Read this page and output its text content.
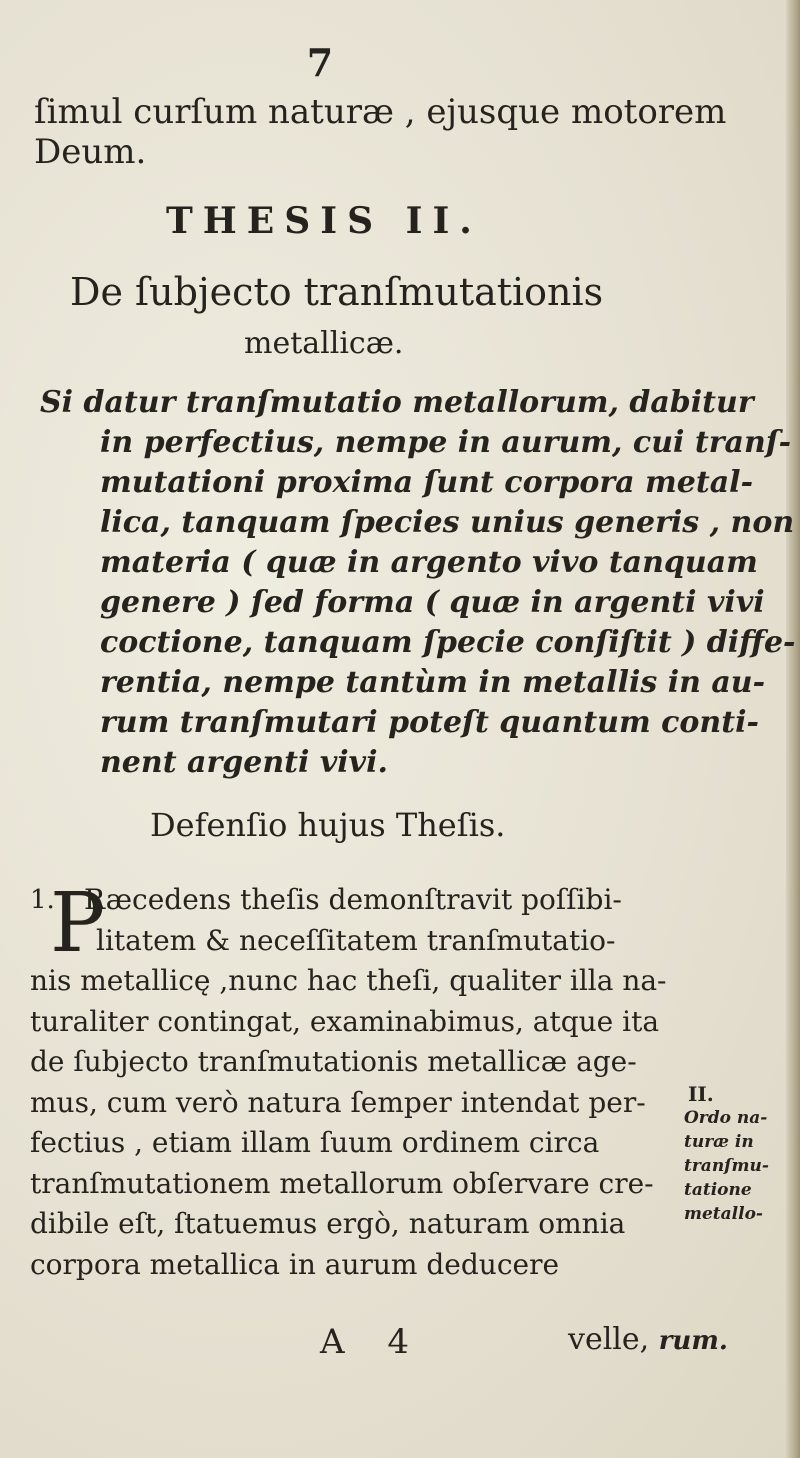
7
ſimul curſum naturæ , ejusque motorem
Deum.
THESIS II.
De ſubjecto tranſmutationis
metallicæ.
Si datur tranſmutatio metallorum, dabitur
in perfectius, nempe in aurum, cui tranſ-
mutationi proxima ſunt corpora metal-
lica, tanquam ſpecies unius generis , non
materia ( quæ in argento vivo tanquam
genere ) ſed forma ( quæ in argenti vivi
coctione, tanquam ſpecie conſiſtit ) diffe-
rentia, nempe tantùm in metallis in au-
rum tranſmutari poteſt quantum conti-
nent argenti vivi.
Defenſio hujus Theſis.
P
1. Ræcedens theſis demonſtravit poſſibi-
litatem & neceſſitatem tranſmutatio-
nis metallicę ,nunc hac theſi, qualiter illa na-
turaliter contingat, examinabimus, atque ita
de ſubjecto tranſmutationis metallicæ age-
mus, cum verò natura ſemper intendat per-
fectius , etiam illam ſuum ordinem circa
tranſmutationem metallorum obſervare cre-
dibile eſt, ſtatuemus ergò, naturam omnia
corpora metallica in aurum deducere
II.
Ordo na-
turæ in
tranſmu-
tatione
metallo-
A 4	velle, rum.
